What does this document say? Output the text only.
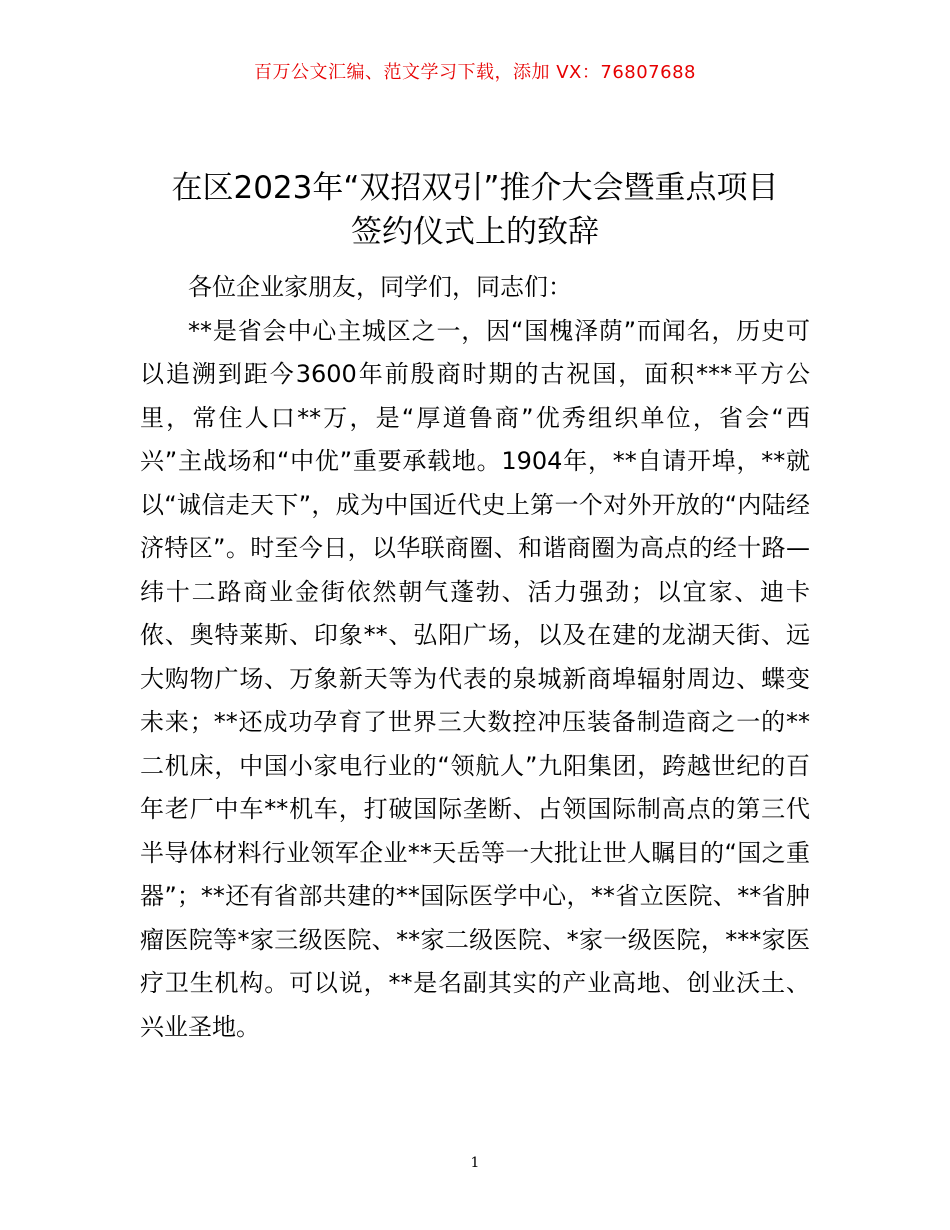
百万公文汇编、范文学习下载，添加 VX：76807688
在区2023年“双招双引”推介大会暨重点项目
签约仪式上的致辞

各位企业家朋友，同学们，同志们：

**是省会中心主城区之一，因“国槐泽荫”而闻名，历史可以追溯到距今3600年前殷商时期的古祝国，面积***平方公里，常住人口**万，是“厚道鲁商”优秀组织单位，省会“西兴”主战场和“中优”重要承载地。1904年，**自请开埠，**就以“诚信走天下”，成为中国近代史上第一个对外开放的“内陆经济特区”。时至今日，以华联商圈、和谐商圈为高点的经十路—纬十二路商业金街依然朝气蓬勃、活力强劲；以宜家、迪卡侬、奥特莱斯、印象**、弘阳广场，以及在建的龙湖天街、远大购物广场、万象新天等为代表的泉城新商埠辐射周边、蝶变未来；**还成功孕育了世界三大数控冲压装备制造商之一的**二机床，中国小家电行业的“领航人”九阳集团，跨越世纪的百年老厂中车**机车，打破国际垄断、占领国际制高点的第三代半导体材料行业领军企业**天岳等一大批让世人瞩目的“国之重器”；**还有省部共建的**国际医学中心，**省立医院、**省肿瘤医院等*家三级医院、**家二级医院、*家一级医院，***家医疗卫生机构。可以说，**是名副其实的产业高地、创业沃土、兴业圣地。

1
